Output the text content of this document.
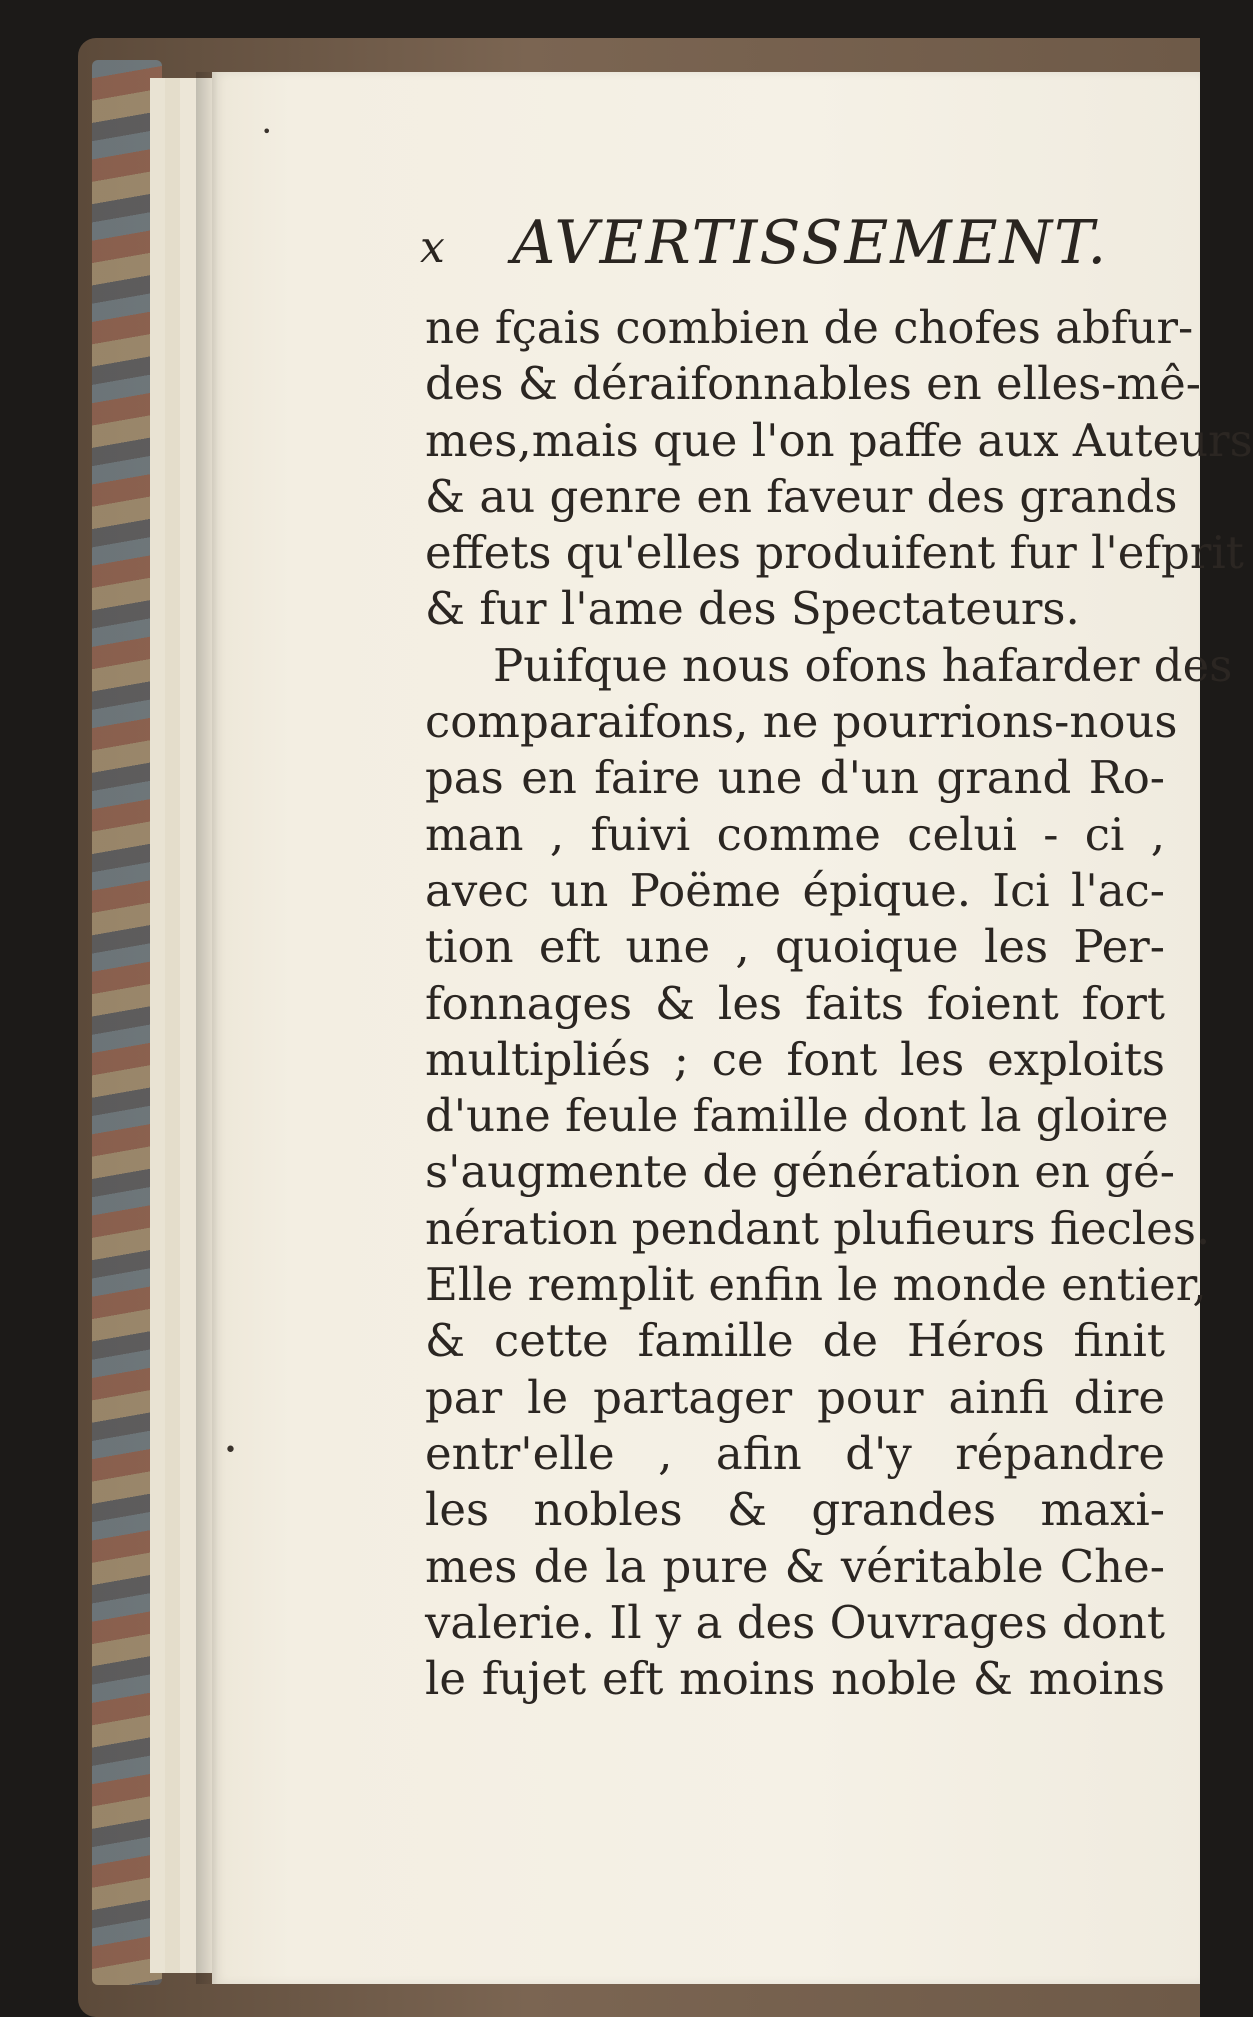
•
•
x AVERTISSEMENT.
ne fçais combien de chofes abfur-
des & déraifonnables en elles-mê-
mes,mais que l'on paffe aux Auteurs
& au genre en faveur des grands
effets qu'elles produifent fur l'efprit
& fur l'ame des Spectateurs.
Puifque nous ofons hafarder des
comparaifons, ne pourrions-nous
pas en faire une d'un grand Ro-
man , fuivi comme celui - ci ,
avec un Poëme épique. Ici l'ac-
tion eft une , quoique les Per-
fonnages & les faits foient fort
multipliés ; ce font les exploits
d'une feule famille dont la gloire
s'augmente de génération en gé-
nération pendant plufieurs fiecles.
Elle remplit enfin le monde entier,
& cette famille de Héros finit
par le partager pour ainfi dire
entr'elle , afin d'y répandre
les nobles & grandes maxi-
mes de la pure & véritable Che-
valerie. Il y a des Ouvrages dont
le fujet eft moins noble & moins
